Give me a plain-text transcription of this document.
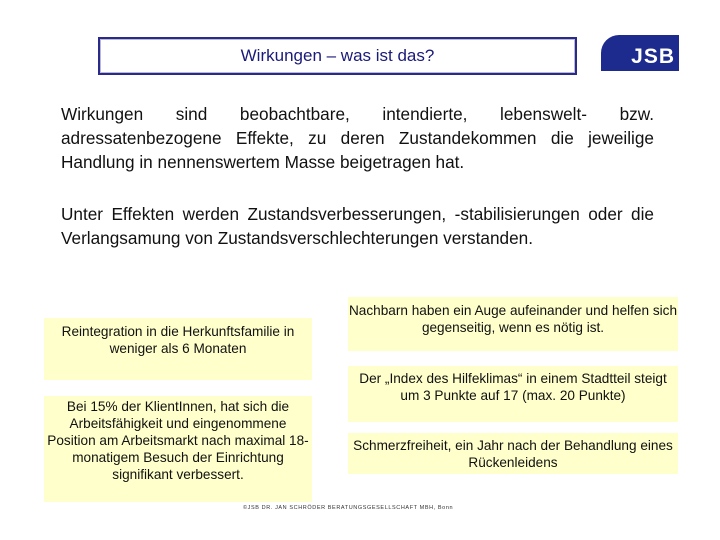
Wirkungen – was ist das?	JSB
Wirkungen sind beobachtbare, intendierte, lebenswelt- bzw. adressatenbezogene Effekte, zu deren Zustandekommen die jeweilige Handlung in nennenswertem Masse beigetragen hat.
Unter Effekten werden Zustandsverbesserungen, -stabilisierungen oder die Verlangsamung von Zustandsverschlechterungen verstanden.
Reintegration in die Herkunftsfamilie in weniger als 6 Monaten
Bei 15% der KlientInnen, hat sich die Arbeitsfähigkeit und eingenommene Position am Arbeitsmarkt nach maximal 18-monatigem Besuch der Einrichtung signifikant verbessert.
Nachbarn haben ein Auge aufeinander und helfen sich gegenseitig, wenn es nötig ist.
Der „Index des Hilfeklimas“ in einem Stadtteil steigt um 3 Punkte auf 17 (max. 20 Punkte)
Schmerzfreiheit, ein Jahr nach der Behandlung eines Rückenleidens
©JSB DR. JAN SCHRÖDER BERATUNGSGESELLSCHAFT MBH, Bonn
